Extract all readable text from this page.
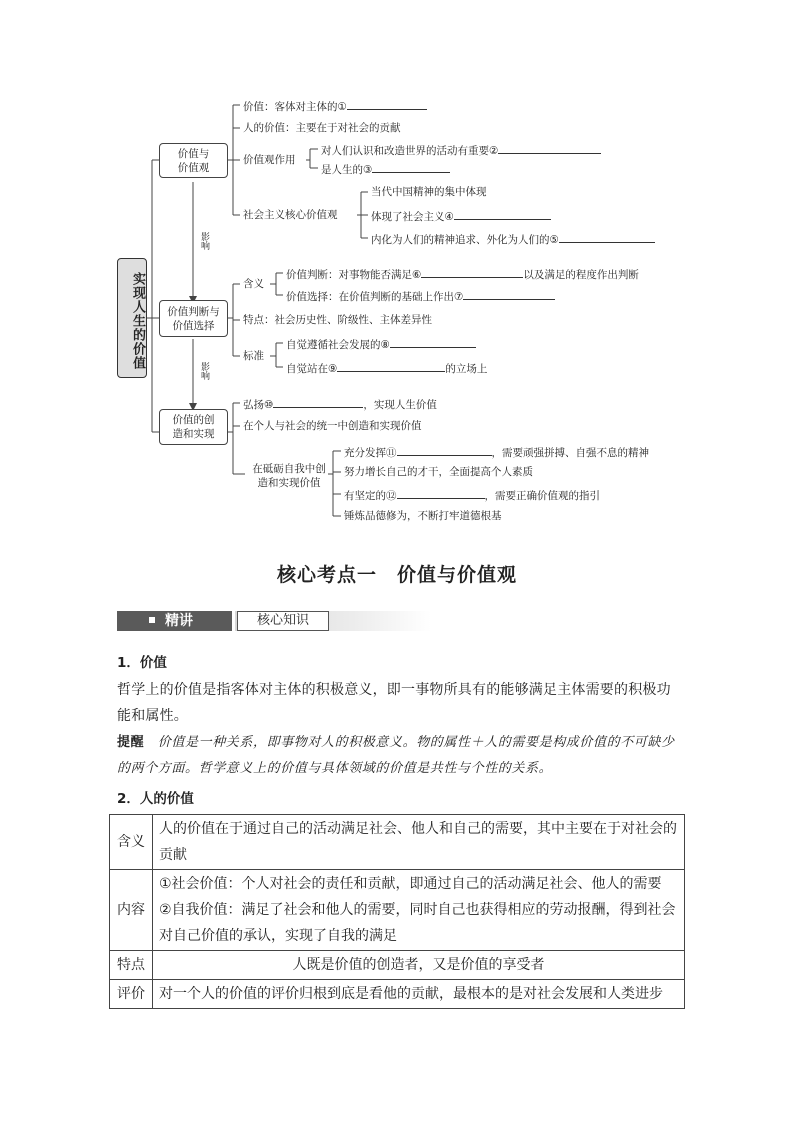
实现人生的价值
影响
影响
价值与
价值观
价值判断与
价值选择
价值的创
造和实现
价值：客体对主体的①
人的价值：主要在于对社会的贡献
价值观作用
对人们认识和改造世界的活动有重要②
是人生的③
社会主义核心价值观
当代中国精神的集中体现
体现了社会主义④
内化为人们的精神追求、外化为人们的⑤
含义
价值判断：对事物能否满足⑥	以及满足的程度作出判断
价值选择：在价值判断的基础上作出⑦
特点：社会历史性、阶级性、主体差异性
标准
自觉遵循社会发展的⑧
自觉站在⑨	的立场上
弘扬⑩	，实现人生价值
在个人与社会的统一中创造和实现价值
在砥砺自我中创
造和实现价值
充分发挥⑪	，需要顽强拼搏、自强不息的精神
努力增长自己的才干，全面提高个人素质
有坚定的⑫	，需要正确价值观的指引
锤炼品德修为，不断打牢道德根基
核心考点一　价值与价值观
精讲	核心知识
1．价值
哲学上的价值是指客体对主体的积极意义，即一事物所具有的能够满足主体需要的积极功能和属性。
提醒　价值是一种关系，即事物对人的积极意义。物的属性＋人的需要是构成价值的不可缺少的两个方面。哲学意义上的价值与具体领域的价值是共性与个性的关系。
2．人的价值
含义	人的价值在于通过自己的活动满足社会、他人和自己的需要，其中主要在于对社会的贡献
内容	①社会价值：个人对社会的责任和贡献，即通过自己的活动满足社会、他人的需要
②自我价值：满足了社会和他人的需要，同时自己也获得相应的劳动报酬，得到社会对自己价值的承认，实现了自我的满足

特点	人既是价值的创造者，又是价值的享受者
评价	对一个人的价值的评价归根到底是看他的贡献，最根本的是对社会发展和人类进步
